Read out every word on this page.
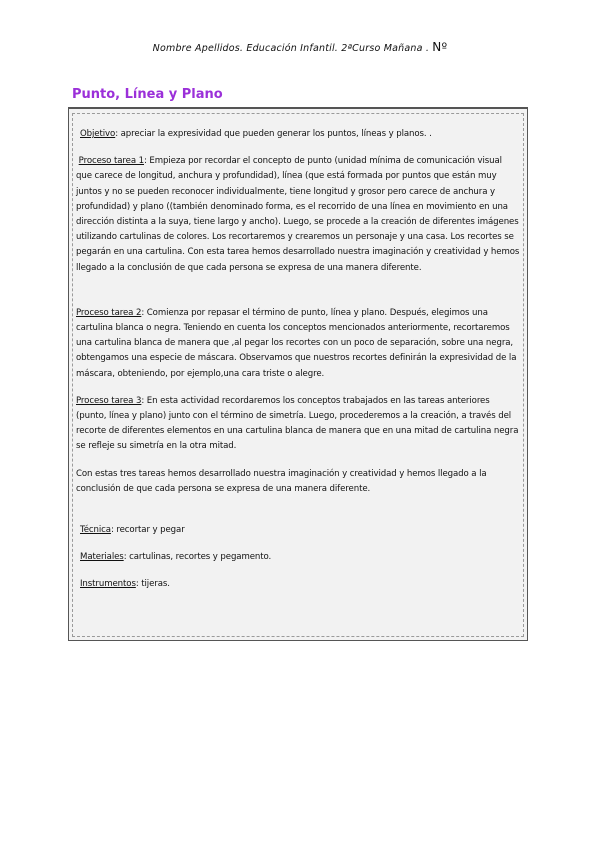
Nombre Apellidos. Educación Infantil. 2ªCurso Mañana . Nº
Punto, Línea y Plano

Objetivo: apreciar la expresividad que pueden generar los puntos, líneas y planos. .

Proceso tarea 1: Empieza por recordar el concepto de punto (unidad mínima de comunicación visual que carece de longitud, anchura y profundidad), línea (que está formada por puntos que están muy juntos y no se pueden reconocer individualmente, tiene longitud y grosor pero carece de anchura y profundidad) y plano ((también denominado forma, es el recorrido de una línea en movimiento en una dirección distinta a la suya, tiene largo y ancho). Luego, se procede a la creación de diferentes imágenes utilizando cartulinas de colores. Los recortaremos y crearemos un personaje y una casa. Los recortes se pegarán en una cartulina. Con esta tarea hemos desarrollado nuestra imaginación y creatividad y hemos llegado a la conclusión de que cada persona se expresa de una manera diferente.

Proceso tarea 2: Comienza por repasar el término de punto, línea y plano. Después, elegimos una cartulina blanca o negra. Teniendo en cuenta los conceptos mencionados anteriormente, recortaremos una cartulina blanca de manera que ,al pegar los recortes con un poco de separación, sobre una negra, obtengamos una especie de máscara. Observamos que nuestros recortes definirán la expresividad de la máscara, obteniendo, por ejemplo,una cara triste o alegre.

Proceso tarea 3: En esta actividad recordaremos los conceptos trabajados en las tareas anteriores (punto, línea y plano) junto con el término de simetría. Luego, procederemos a la creación, a través del recorte de diferentes elementos en una cartulina blanca de manera que en una mitad de cartulina negra se refleje su simetría en la otra mitad.

Con estas tres tareas hemos desarrollado nuestra imaginación y creatividad y hemos llegado a la conclusión de que cada persona se expresa de una manera diferente.

Técnica: recortar y pegar

Materiales: cartulinas, recortes y pegamento.

Instrumentos: tijeras.
